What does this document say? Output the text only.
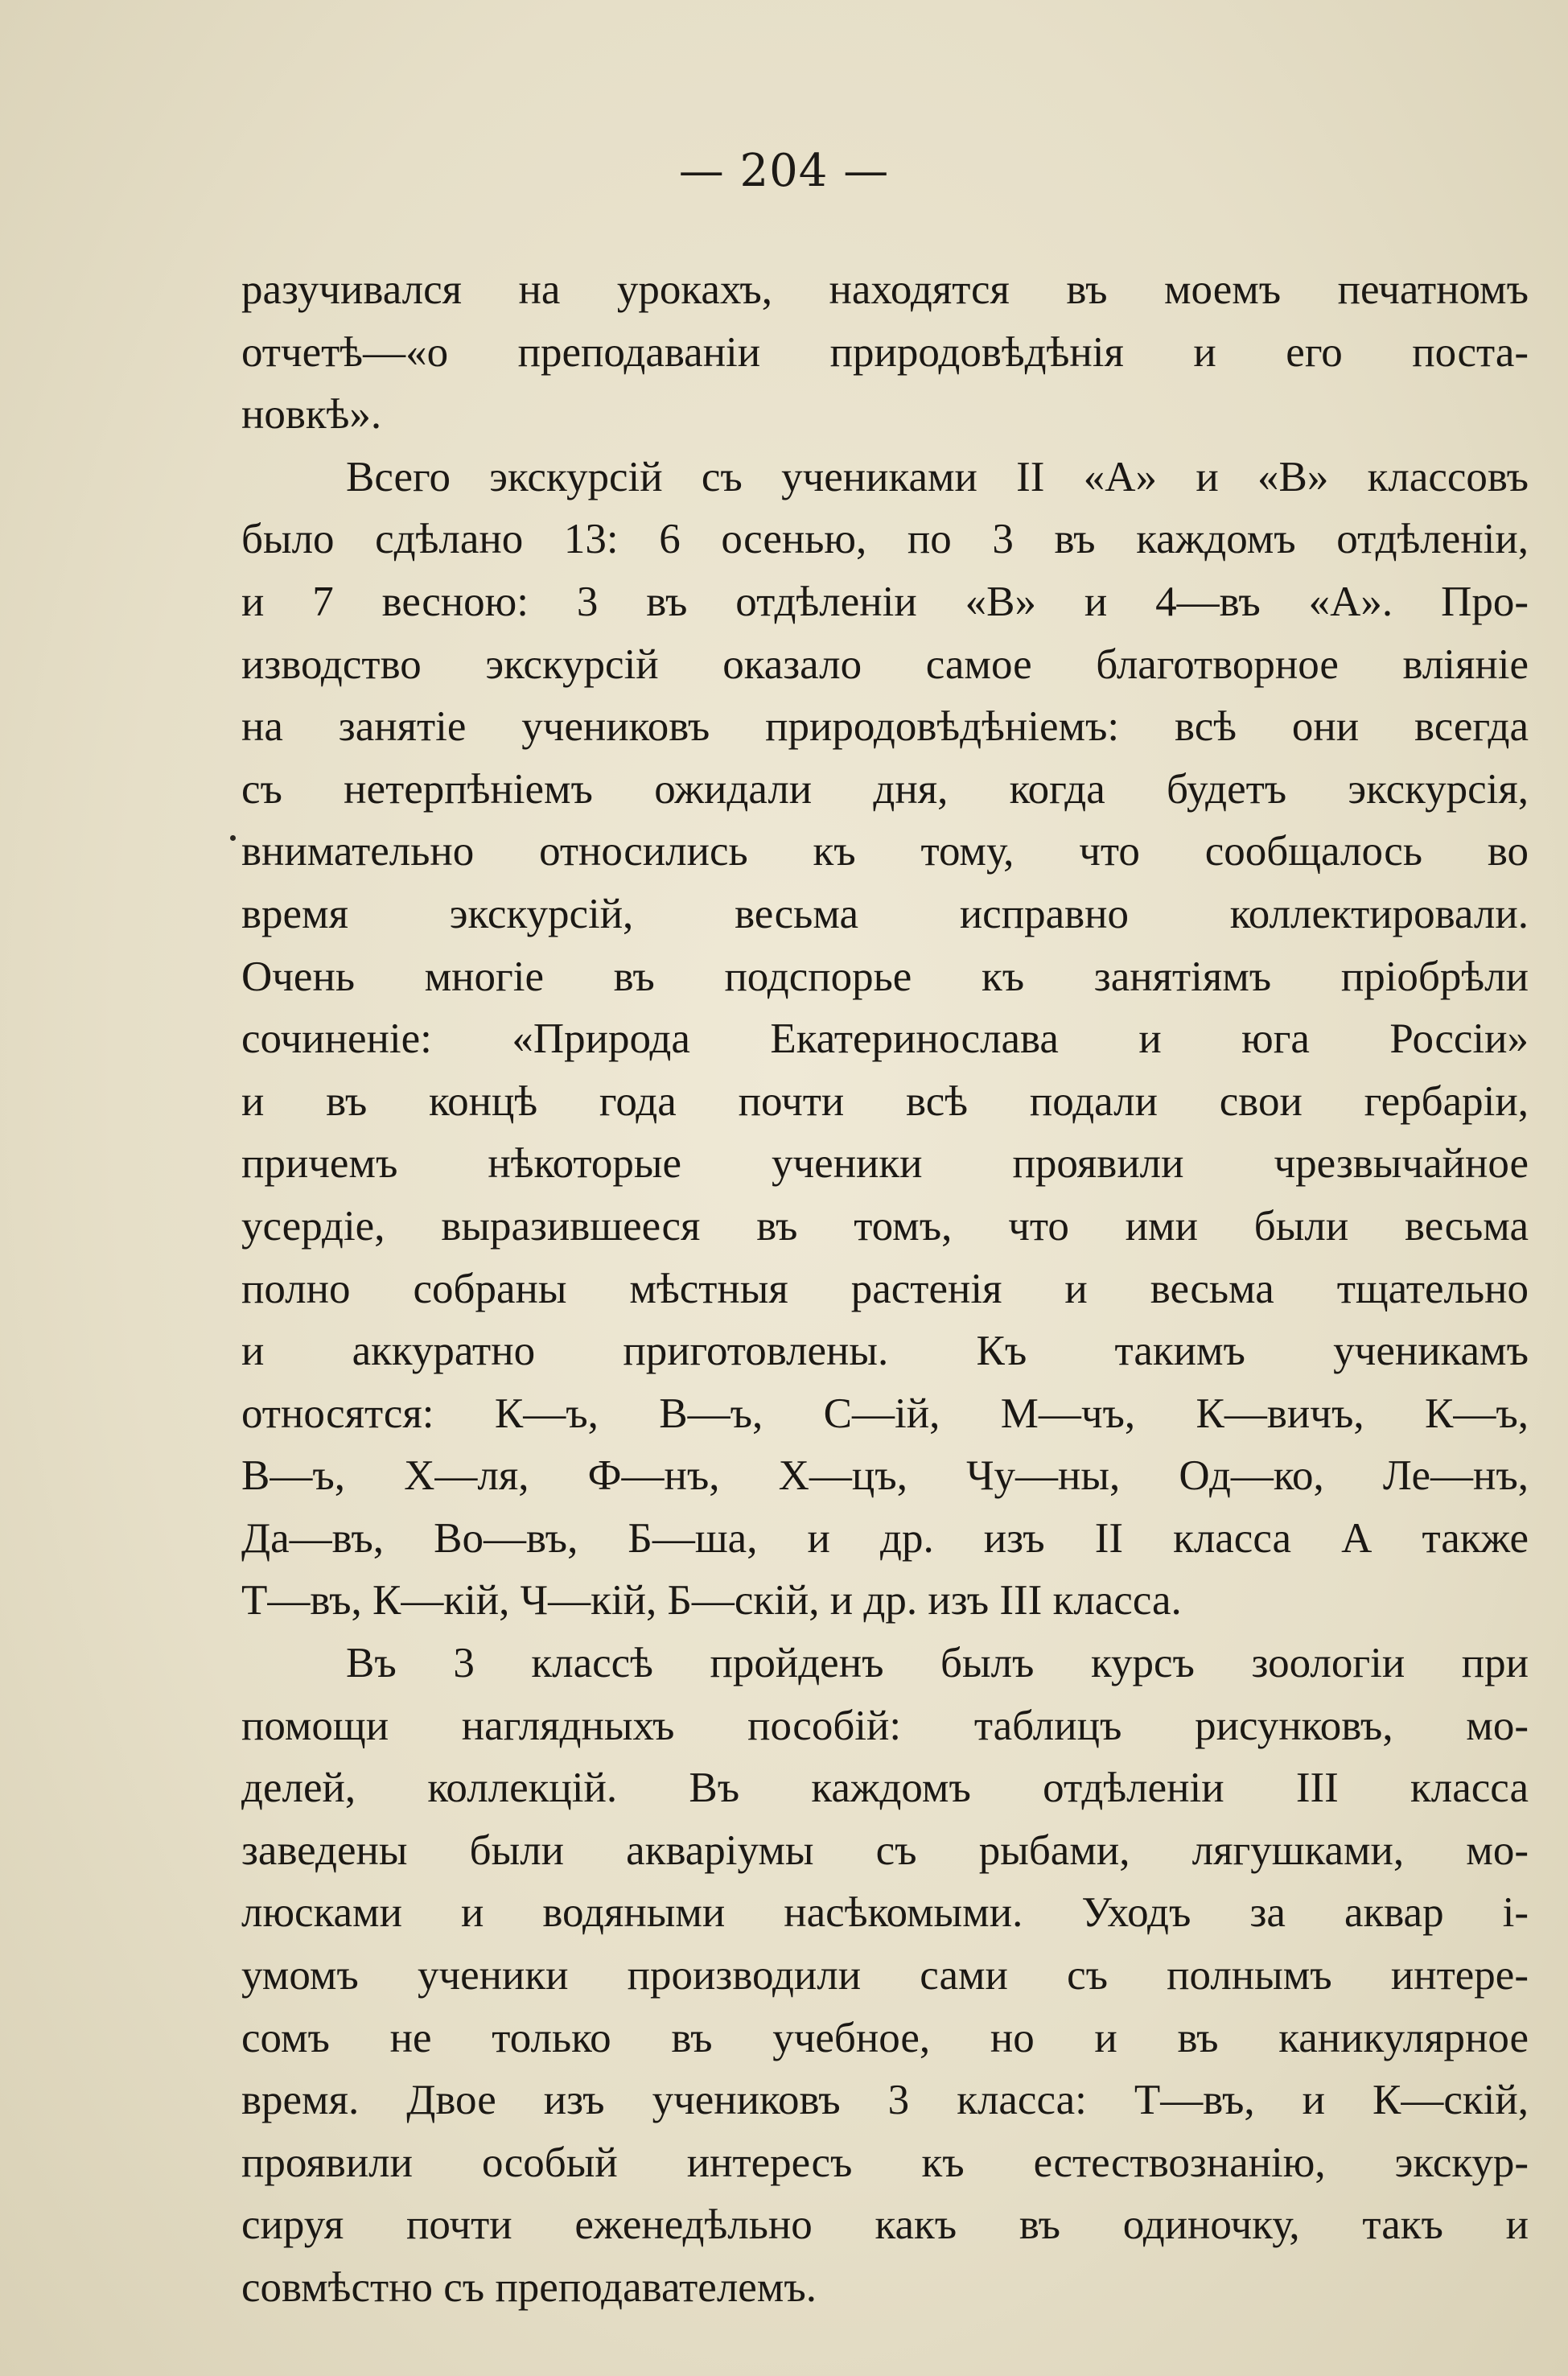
— 204 —
разучивался на урокахъ, находятся въ моемъ печатномъ
отчетѣ—«о преподаваніи природовѣдѣнія и его поста-
новкѣ».
Всего экскурсій съ учениками II «А» и «В» классовъ
было сдѣлано 13: 6 осенью, по 3 въ каждомъ отдѣленіи,
и 7 весною: 3 въ отдѣленіи «В» и 4—въ «А». Про-
изводство экскурсій оказало самое благотворное вліяніе
на занятіе учениковъ природовѣдѣніемъ: всѣ они всегда
съ нетерпѣніемъ ожидали дня, когда будетъ экскурсія,
внимательно относились къ тому, что сообщалось во
время экскурсій, весьма исправно коллектировали.
Очень многіе въ подспорье къ занятіямъ пріобрѣли
сочиненіе: «Природа Екатеринослава и юга Россіи»
и въ концѣ года почти всѣ подали свои гербаріи,
причемъ нѣкоторые ученики проявили чрезвычайное
усердіе, выразившееся въ томъ, что ими были весьма
полно собраны мѣстныя растенія и весьма тщательно
и аккуратно приготовлены. Къ такимъ ученикамъ
относятся: К—ъ, В—ъ, С—ій, М—чъ, К—вичъ, К—ъ,
В—ъ, Х—ля, Ф—нъ, Х—цъ, Чу—ны, Од—ко, Ле—нъ,
Да—въ, Во—въ, Б—ша, и др. изъ II класса А также
Т—въ, К—кій, Ч—кій, Б—скій, и др. изъ III класса.
Въ 3 классѣ пройденъ былъ курсъ зоологіи при
помощи наглядныхъ пособій: таблицъ рисунковъ, мо-
делей, коллекцій. Въ каждомъ отдѣленіи III класса
заведены были акваріумы съ рыбами, лягушками, мо-
люсками и водяными насѣкомыми. Уходъ за аквар і-
умомъ ученики производили сами съ полнымъ интере-
сомъ не только въ учебное, но и въ каникулярное
время. Двое изъ учениковъ 3 класса: Т—въ, и К—скій,
проявили особый интересъ къ естествознанію, экскур-
сируя почти еженедѣльно какъ въ одиночку, такъ и
совмѣстно съ преподавателемъ.
